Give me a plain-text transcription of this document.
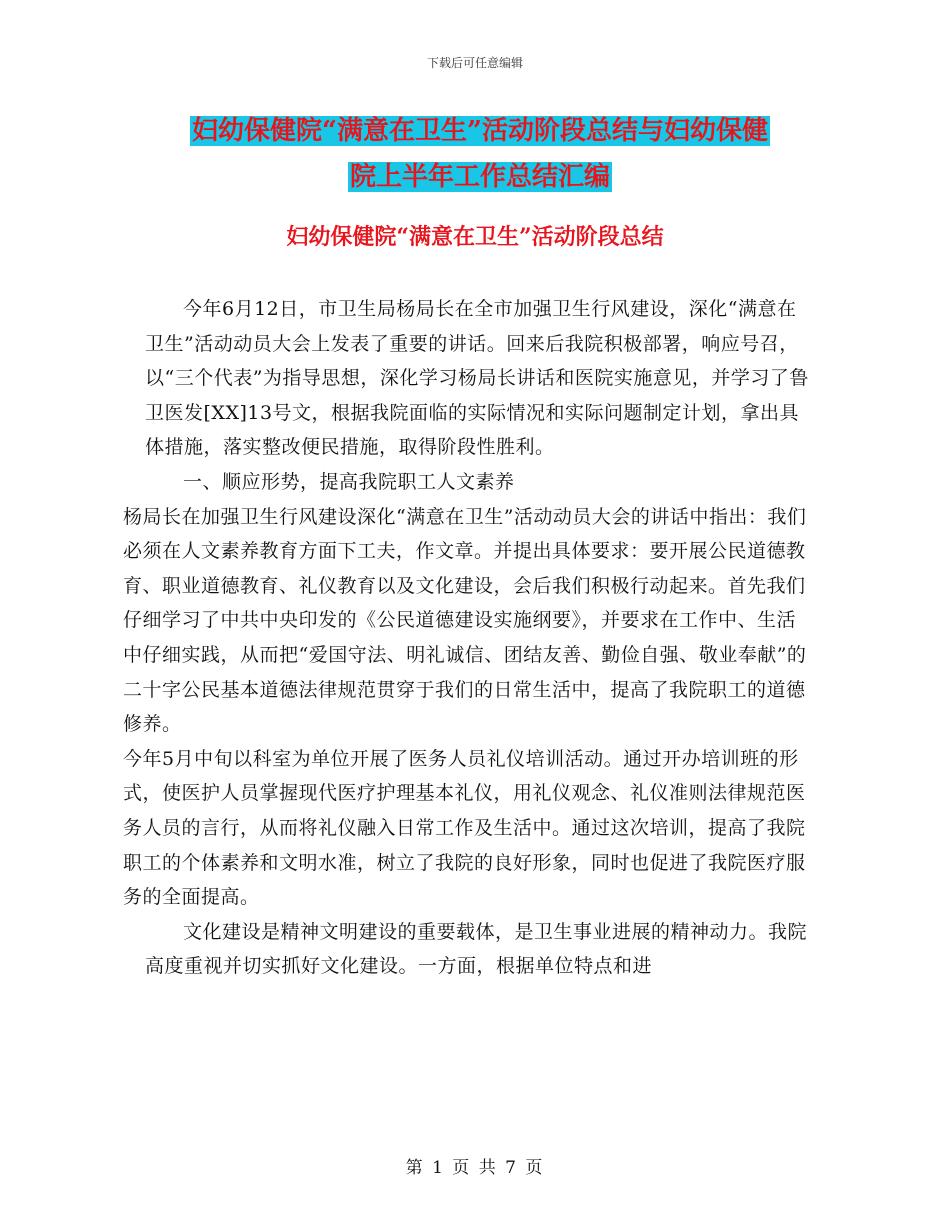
下载后可任意编辑
妇幼保健院“满意在卫生”活动阶段总结与妇幼保健
院上半年工作总结汇编
妇幼保健院“满意在卫生”活动阶段总结

今年6月12日，市卫生局杨局长在全市加强卫生行风建设，深化“满意在卫生”活动动员大会上发表了重要的讲话。回来后我院积极部署，响应号召，以“三个代表”为指导思想，深化学习杨局长讲话和医院实施意见，并学习了鲁卫医发[XX]13号文，根据我院面临的实际情况和实际问题制定计划，拿出具体措施，落实整改便民措施，取得阶段性胜利。

一、顺应形势，提高我院职工人文素养

杨局长在加强卫生行风建设深化“满意在卫生”活动动员大会的讲话中指出：我们必须在人文素养教育方面下工夫，作文章。并提出具体要求：要开展公民道德教育、职业道德教育、礼仪教育以及文化建设，会后我们积极行动起来。首先我们仔细学习了中共中央印发的《公民道德建设实施纲要》，并要求在工作中、生活中仔细实践，从而把“爱国守法、明礼诚信、团结友善、勤俭自强、敬业奉献”的二十字公民基本道德法律规范贯穿于我们的日常生活中，提高了我院职工的道德修养。

今年5月中旬以科室为单位开展了医务人员礼仪培训活动。通过开办培训班的形式，使医护人员掌握现代医疗护理基本礼仪，用礼仪观念、礼仪准则法律规范医务人员的言行，从而将礼仪融入日常工作及生活中。通过这次培训，提高了我院职工的个体素养和文明水准，树立了我院的良好形象，同时也促进了我院医疗服务的全面提高。

文化建设是精神文明建设的重要载体，是卫生事业进展的精神动力。我院高度重视并切实抓好文化建设。一方面，根据单位特点和进

第 1 页 共 7 页
